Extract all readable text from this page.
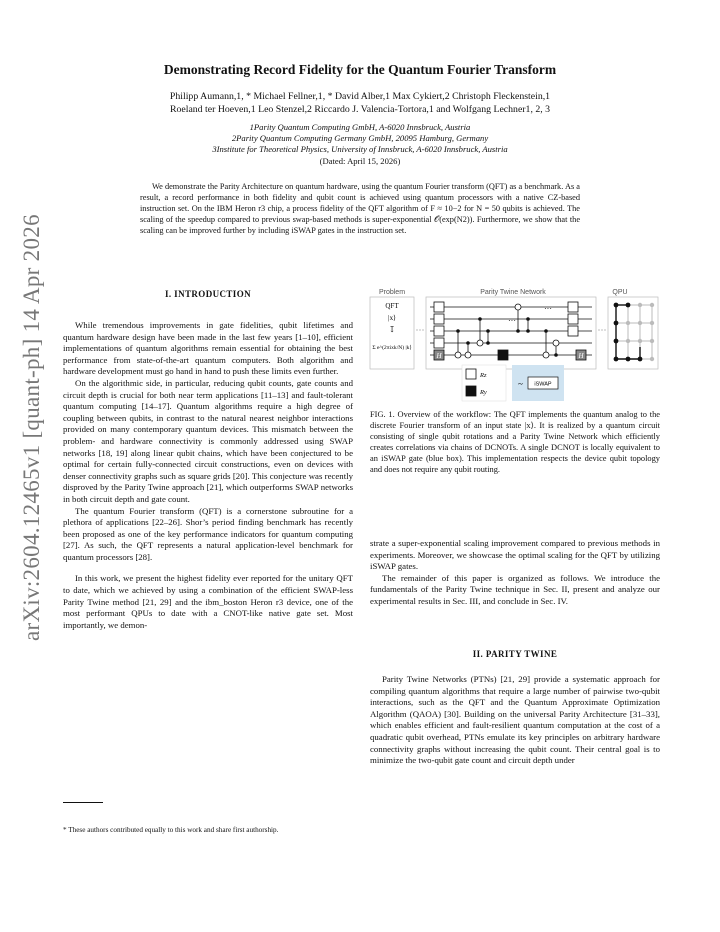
arXiv:2604.12465v1 [quant-ph] 14 Apr 2026
Demonstrating Record Fidelity for the Quantum Fourier Transform
Philipp Aumann,1, * Michael Fellner,1, * David Alber,1 Max Cykiert,2 Christoph Fleckenstein,1
Roeland ter Hoeven,1 Leo Stenzel,2 Riccardo J. Valencia-Tortora,1 and Wolfgang Lechner1, 2, 3
1Parity Quantum Computing GmbH, A-6020 Innsbruck, Austria
2Parity Quantum Computing Germany GmbH, 20095 Hamburg, Germany
3Institute for Theoretical Physics, University of Innsbruck, A-6020 Innsbruck, Austria
(Dated: April 15, 2026)
We demonstrate the Parity Architecture on quantum hardware, using the quantum Fourier transform (QFT) as a benchmark. As a result, a record performance in both fidelity and qubit count is achieved using quantum processors with a native CZ-based instruction set. On the IBM Heron r3 chip, a process fidelity of the QFT algorithm of F ≈ 10−2 for N = 50 qubits is achieved. The scaling of the speedup compared to previous swap-based methods is super-exponential 𝒪(exp(N2)). Furthermore, we show that the scaling can be improved further by including iSWAP gates in the instruction set.
I. INTRODUCTION

While tremendous improvements in gate fidelities, qubit lifetimes and quantum hardware design have been made in the last few years [1–10], efficient implementations of quantum algorithms remain essential for obtaining the best performance from state-of-the-art quantum computers. Both algorithm and hardware development must go hand in hand to push these limits even further.

On the algorithmic side, in particular, reducing qubit counts, gate counts and circuit depth is crucial for both near term applications [11–13] and fault-tolerant quantum computing [14–17]. Quantum algorithms require a high degree of coupling between qubits, in contrast to the natural nearest neighbor interactions provided on many contemporary quantum devices. This mismatch between the problem- and hardware connectivity is commonly addressed using SWAP networks [18, 19] along linear qubit chains, which have been conjectured to be optimal for certain fully-connected circuit constructions, even on devices with denser connectivity graphs such as square grids [20]. This conjecture was recently disproved by the Parity Twine approach [21], which outperforms SWAP networks in both circuit depth and gate count.

The quantum Fourier transform (QFT) is a cornerstone subroutine for a plethora of applications [22–26]. Shor’s period finding benchmark has recently been proposed as one of the key performance indicators for quantum computing [27]. As such, the QFT represents a natural application-level benchmark for quantum processors [28].

In this work, we present the highest fidelity ever reported for the unitary QFT to date, which we achieved by using a combination of the efficient SWAP-less Parity Twine method [21, 29] and the ibm_boston Heron r3 device, one of the most performant QPUs to date with a CNOT-like native gate set. Most importantly, we demon-

* These authors contributed equally to this work and share first authorship.
Problem	Parity Twine Network	QPU
QFT
|x⟩
↧
Σ e^(2πixk/N) |k⟩
H	H
···
···
Rz
Ry
~ iSWAP
FIG. 1. Overview of the workflow: The QFT implements the quantum analog to the discrete Fourier transform of an input state |x⟩. It is realized by a quantum circuit consisting of single qubit rotations and a Parity Twine Network which efficiently creates correlations via chains of DCNOTs. A single DCNOT is locally equivalent to an iSWAP gate (blue box). This implementation respects the device qubit topology and does not require any qubit routing.

strate a super-exponential scaling improvement compared to previous methods in experiments. Moreover, we showcase the optimal scaling for the QFT by utilizing iSWAP gates.

The remainder of this paper is organized as follows. We introduce the fundamentals of the Parity Twine technique in Sec. II, present and analyze our experimental results in Sec. III, and conclude in Sec. IV.

II. PARITY TWINE

Parity Twine Networks (PTNs) [21, 29] provide a systematic approach for compiling quantum algorithms that require a large number of pairwise two-qubit interactions, such as the QFT and the Quantum Approximate Optimization Algorithm (QAOA) [30]. Building on the universal Parity Architecture [31–33], which enables efficient and fault-resilient quantum computation at the cost of a quadratic qubit overhead, PTNs emulate its key principles on arbitrary hardware connectivity graphs without increasing the qubit count. Their central goal is to minimize the two-qubit gate count and circuit depth under
